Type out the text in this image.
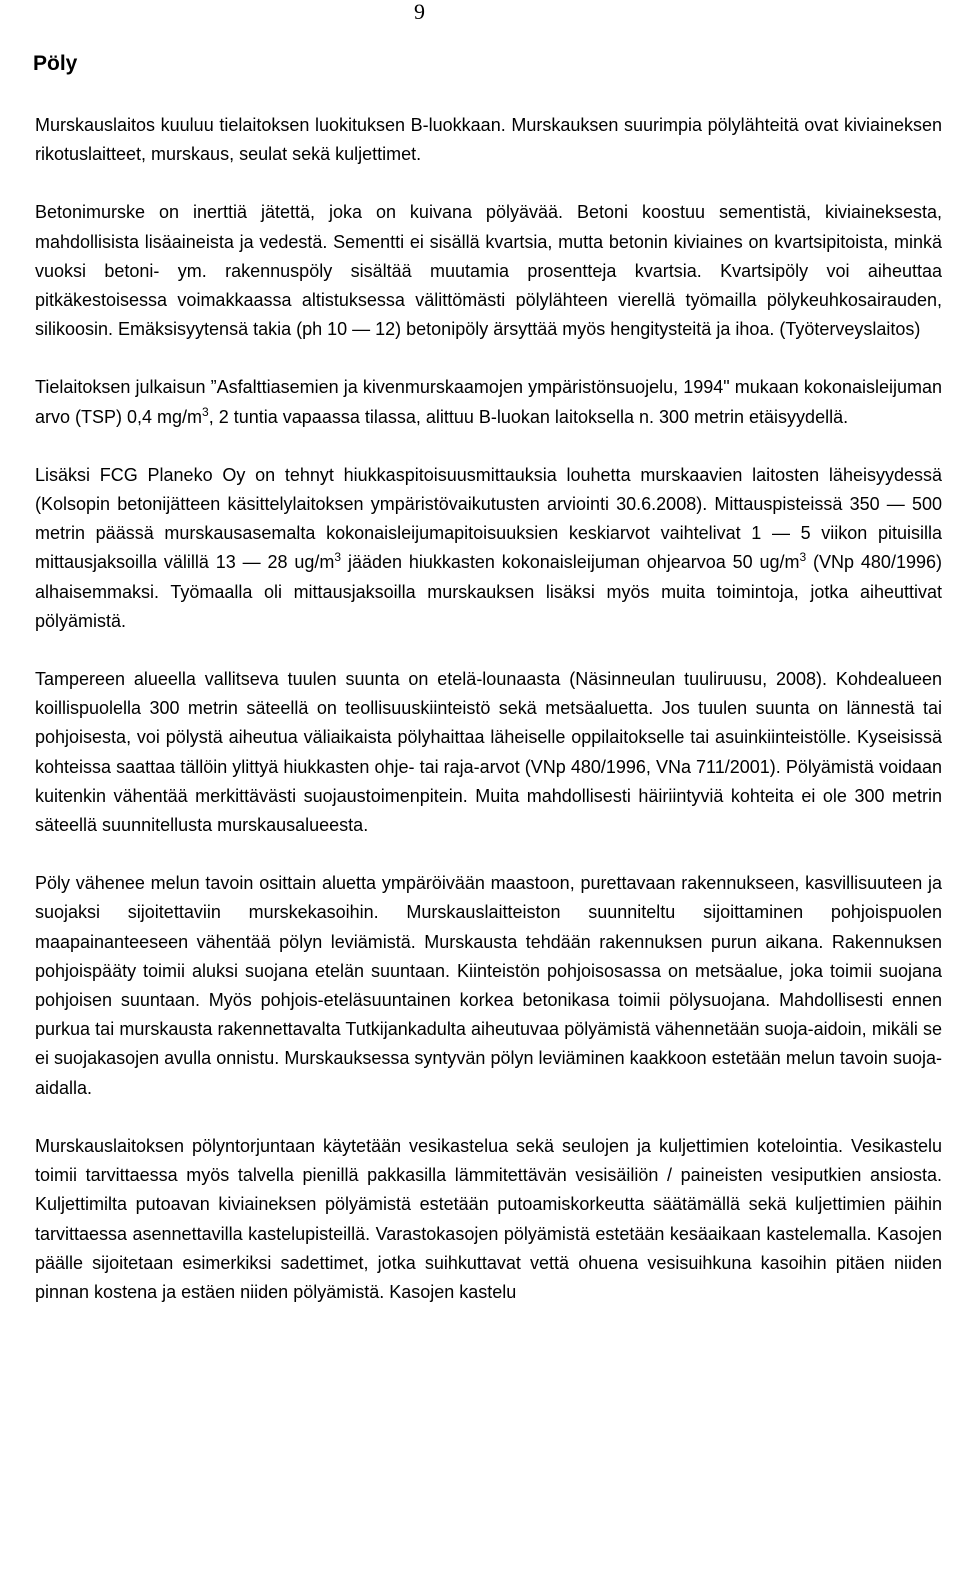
9
Pöly

Murskauslaitos kuuluu tielaitoksen luokituksen B-luokkaan. Murskauksen suurimpia pölylähteitä ovat kiviaineksen rikotuslaitteet, murskaus, seulat sekä kuljettimet.

Betonimurske on inerttiä jätettä, joka on kuivana pölyävää. Betoni koostuu sementistä, kiviaineksesta, mahdollisista lisäaineista ja vedestä. Sementti ei sisällä kvartsia, mutta betonin kiviaines on kvartsipitoista, minkä vuoksi betoni- ym. rakennuspöly sisältää muutamia prosentteja kvartsia. Kvartsipöly voi aiheuttaa pitkäkestoisessa voimakkaassa altistuksessa välittömästi pölylähteen vierellä työmailla pölykeuhkosairauden, silikoosin. Emäksisyytensä takia (ph 10 — 12) betonipöly ärsyttää myös hengitysteitä ja ihoa. (Työterveyslaitos)

Tielaitoksen julkaisun ”Asfalttiasemien ja kivenmurskaamojen ympäristönsuojelu, 1994" mukaan kokonaisleijuman arvo (TSP) 0,4 $mg/m^3$, 2 tuntia vapaassa tilassa, alittuu B-luokan laitoksella n. 300 metrin etäisyydellä.

Lisäksi FCG Planeko Oy on tehnyt hiukkaspitoisuusmittauksia louhetta murskaavien laitosten läheisyydessä (Kolsopin betonijätteen käsittelylaitoksen ympäristövaikutusten arviointi 30.6.2008). Mittauspisteissä 350 — 500 metrin päässä murskausasemalta kokonaisleijumapitoisuuksien keskiarvot vaihtelivat 1 — 5 viikon pituisilla mittausjaksoilla välillä 13 — 28 $ug/m^3$ jääden hiukkasten kokonaisleijuman ohjearvoa 50 $ug/m^3$ (VNp 480/1996) alhaisemmaksi. Työmaalla oli mittausjaksoilla murskauksen lisäksi myös muita toimintoja, jotka aiheuttivat pölyämistä.

Tampereen alueella vallitseva tuulen suunta on etelä-lounaasta (Näsinneulan tuuliruusu, 2008). Kohdealueen koillispuolella 300 metrin säteellä on teollisuuskiinteistö sekä metsäaluetta. Jos tuulen suunta on lännestä tai pohjoisesta, voi pölystä aiheutua väliaikaista pölyhaittaa läheiselle oppilaitokselle tai asuinkiinteistölle. Kyseisissä kohteissa saattaa tällöin ylittyä hiukkasten ohje- tai raja-arvot (VNp 480/1996, VNa 711/2001). Pölyämistä voidaan kuitenkin vähentää merkittävästi suojaustoimenpitein. Muita mahdollisesti häiriintyviä kohteita ei ole 300 metrin säteellä suunnitellusta murskausalueesta.

Pöly vähenee melun tavoin osittain aluetta ympäröivään maastoon, purettavaan rakennukseen, kasvillisuuteen ja suojaksi sijoitettaviin murskekasoihin. Murskauslaitteiston suunniteltu sijoittaminen pohjoispuolen maapainanteeseen vähentää pölyn leviämistä. Murskausta tehdään rakennuksen purun aikana. Rakennuksen pohjoispääty toimii aluksi suojana etelän suuntaan. Kiinteistön pohjoisosassa on metsäalue, joka toimii suojana pohjoisen suuntaan. Myös pohjois-eteläsuuntainen korkea betonikasa toimii pölysuojana. Mahdollisesti ennen purkua tai murskausta rakennettavalta Tutkijankadulta aiheutuvaa pölyämistä vähennetään suoja-aidoin, mikäli se ei suojakasojen avulla onnistu. Murskauksessa syntyvän pölyn leviäminen kaakkoon estetään melun tavoin suoja-aidalla.

Murskauslaitoksen pölyntorjuntaan käytetään vesikastelua sekä seulojen ja kuljettimien kotelointia. Vesikastelu toimii tarvittaessa myös talvella pienillä pakkasilla lämmitettävän vesisäiliön / paineisten vesiputkien ansiosta. Kuljettimilta putoavan kiviaineksen pölyämistä estetään putoamiskorkeutta säätämällä sekä kuljettimien päihin tarvittaessa asennettavilla kastelupisteillä. Varastokasojen pölyämistä estetään kesäaikaan kastelemalla. Kasojen päälle sijoitetaan esimerkiksi sadettimet, jotka suihkuttavat vettä ohuena vesisuihkuna kasoihin pitäen niiden pinnan kostena ja estäen niiden pölyämistä. Kasojen kastelu
